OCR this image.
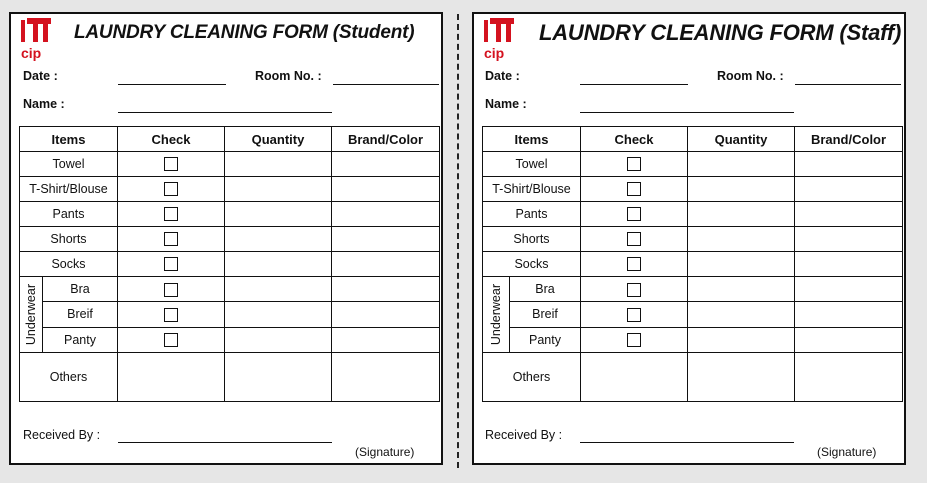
cip
LAUNDRY CLEANING FORM (Student)
Date :	Room No. :
Name :
Items	Check	Quantity	Brand/Color
Towel			
T-Shirt/Blouse			
Pants			
Shorts			
Socks			

Underwear Bra
Breif
Panty			

Others			
Received By :
(Signature)
cip
LAUNDRY CLEANING FORM (Staff)
Date :	Room No. :
Name :
Items	Check	Quantity	Brand/Color
Towel			
T-Shirt/Blouse			
Pants			
Shorts			
Socks			

Underwear Bra
Breif
Panty			

Others			
Received By :
(Signature)
